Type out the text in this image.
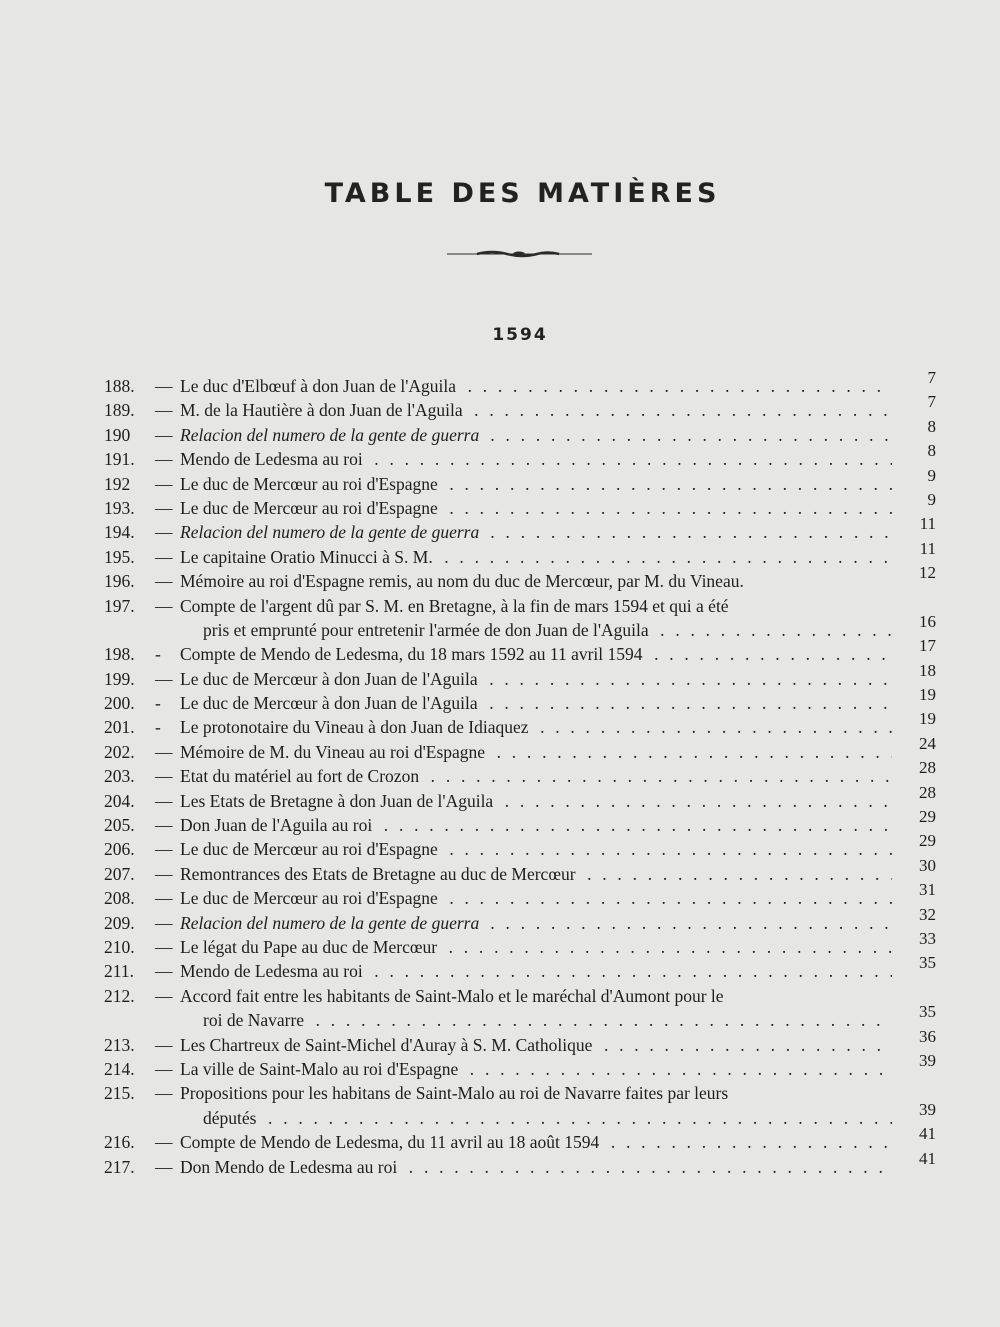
TABLE DES MATIÈRES
1594
188.	— Le duc d'Elbœuf à don Juan de l'Aguila . . .	7
189.	— M. de la Hautière à don Juan de l'Aguila . . .	7
190	— Relacion del numero de la gente de guerra . . .	8
191.	— Mendo de Ledesma au roi . . .	8
192	— Le duc de Mercœur au roi d'Espagne . . .	9
193.	— Le duc de Mercœur au roi d'Espagne . . .	9
194.	— Relacion del numero de la gente de guerra . . .	11
195.	— Le capitaine Oratio Minucci à S. M. . . .	11
196.	— Mémoire au roi d'Espagne remis, au nom du duc de Mercœur, par M. du Vineau.	12
197.	— Compte de l'argent dû par S. M. en Bretagne, à la fin de mars 1594 et qui a été
pris et emprunté pour entretenir l'armée de don Juan de l'Aguila . . .	16
198.	-	Compte de Mendo de Ledesma, du 18 mars 1592 au 11 avril 1594 . . .	17
199.	— Le duc de Mercœur à don Juan de l'Aguila . . .	18
200.	-	Le duc de Mercœur à don Juan de l'Aguila . . .	19
201.	-	Le protonotaire du Vineau à don Juan de Idiaquez . . .	19
202.	— Mémoire de M. du Vineau au roi d'Espagne . . .	24
203.	— Etat du matériel au fort de Crozon . . .	28
204.	— Les Etats de Bretagne à don Juan de l'Aguila . . .	28
205.	— Don Juan de l'Aguila au roi . . .	29
206.	— Le duc de Mercœur au roi d'Espagne . . .	29
207.	— Remontrances des Etats de Bretagne au duc de Mercœur . . .	30
208.	— Le duc de Mercœur au roi d'Espagne . . .	31
209.	— Relacion del numero de la gente de guerra . . .	32
210.	— Le légat du Pape au duc de Mercœur . . .	33
211.	— Mendo de Ledesma au roi . . .	35
212.	— Accord fait entre les habitants de Saint-Malo et le maréchal d'Aumont pour le
roi de Navarre . . .	35
213.	— Les Chartreux de Saint-Michel d'Auray à S. M. Catholique . . .	36
214.	— La ville de Saint-Malo au roi d'Espagne . . .	39
215.	— Propositions pour les habitans de Saint-Malo au roi de Navarre faites par leurs
députés . . .	39
216.	— Compte de Mendo de Ledesma, du 11 avril au 18 août 1594 . . .	41
217.	— Don Mendo de Ledesma au roi . . .	41
